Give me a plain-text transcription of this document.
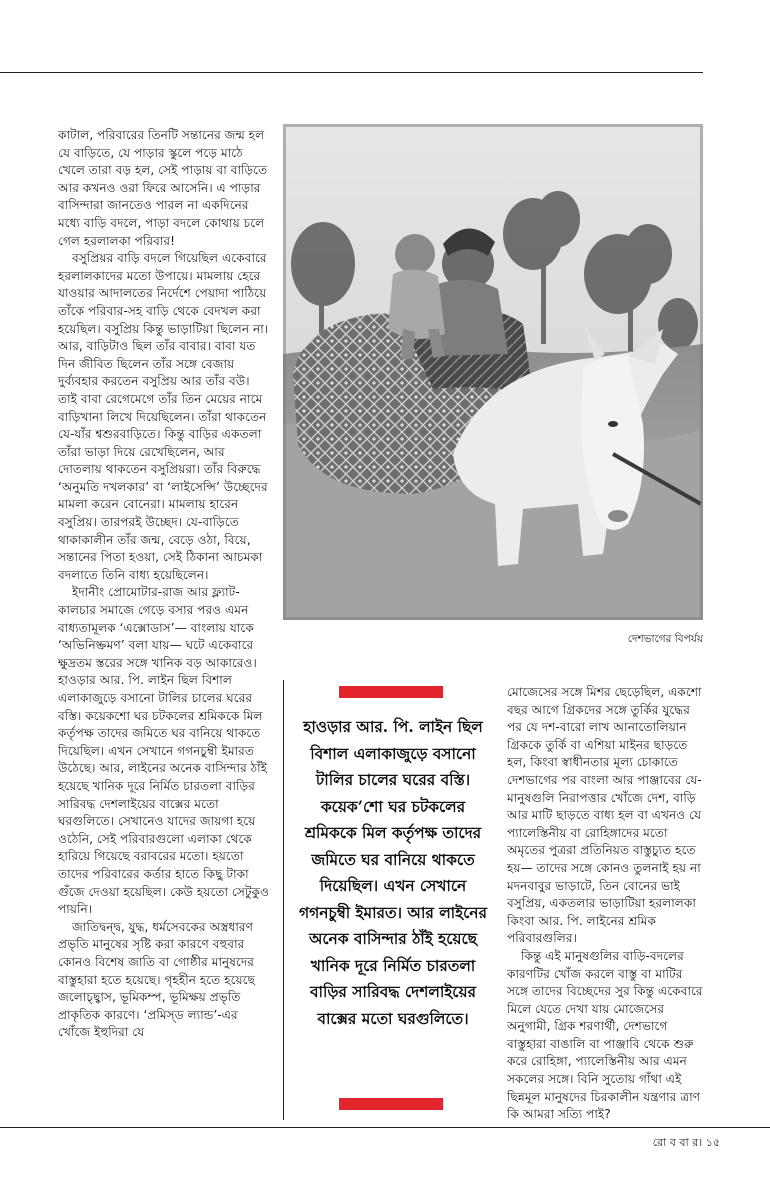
কাটাল, পরিবারের তিনটি সন্তানের জন্ম হল যে বাড়িতে, যে পাড়ার স্কুলে পড়ে মাঠে খেলে তারা বড় হল, সেই পাড়ায় বা বাড়িতে আর কখনও ওরা ফিরে আসেনি। এ পাড়ার বাসিন্দারা জানতেও পারল না একদিনের মধ্যে বাড়ি বদলে, পাড়া বদলে কোথায় চলে গেল হরলালকা পরিবার!

বসুপ্রিয়র বাড়ি বদলে গিয়েছিল একেবারে হরলালকাদের মতো উপায়ে। মামলায় হেরে যাওয়ার আদালতের নির্দেশে পেয়াদা পাঠিয়ে তাঁকে পরিবার-সহ বাড়ি থেকে বেদখল করা হয়েছিল। বসুপ্রিয় কিন্তু ভাড়াটিয়া ছিলেন না। আর, বাড়িটাও ছিল তাঁর বাবার। বাবা যত দিন জীবিত ছিলেন তাঁর সঙ্গে বেজায় দুর্ব্যবহার করতেন বসুপ্রিয় আর তাঁর বউ। তাই বাবা রেগেমেগে তাঁর তিন মেয়ের নামে বাড়িখানা লিখে দিয়েছিলেন। তাঁরা থাকতেন যে-যাঁর শ্বশুরবাড়িতে। কিন্তু বাড়ির একতলা তাঁরা ভাড়া দিয়ে রেখেছিলেন, আর দোতলায় থাকতেন বসুপ্রিয়রা। তাঁর বিরুদ্ধে ‘অনুমতি দখলকার’ বা ‘লাইসেন্সি’ উচ্ছেদের মামলা করেন বোনেরা। মামলায় হারেন বসুপ্রিয়। তারপরই উচ্ছেদ। যে-বাড়িতে থাকাকালীন তাঁর জন্ম, বেড়ে ওঠা, বিয়ে, সন্তানের পিতা হওয়া, সেই ঠিকানা আচমকা বদলাতে তিনি বাধ্য হয়েছিলেন।

ইদানীং প্রোমোটার-রাজ আর ফ্ল্যাট-কালচার সমাজে গেড়ে বসার পরও এমন বাধ্যতামূলক ‘এক্সোডাস’— বাংলায় যাকে ‘অভিনিষ্ক্রমণ’ বলা যায়— ঘটে একেবারে ক্ষুদ্রতম স্তরের সঙ্গে খানিক বড় আকারেও। হাওড়ার আর. পি. লাইন ছিল বিশাল এলাকাজুড়ে বসানো টালির চালের ঘরের বস্তি। কয়েকশো ঘর চটকলের শ্রমিককে মিল কর্তৃপক্ষ তাদের জমিতে ঘর বানিয়ে থাকতে দিয়েছিল। এখন সেখানে গগনচুম্বী ইমারত উঠেছে। আর, লাইনের অনেক বাসিন্দার ঠাঁই হয়েছে খানিক দূরে নির্মিত চারতলা বাড়ির সারিবদ্ধ দেশলাইয়ের বাক্সের মতো ঘরগুলিতে। সেখানেও যাদের জায়গা হয়ে ওঠেনি, সেই পরিবারগুলো এলাকা থেকে হারিয়ে গিয়েছে বরাবরের মতো। হয়তো তাদের পরিবারের কর্তার হাতে কিছু টাকা গুঁজে দেওয়া হয়েছিল। কেউ হয়তো সেটুকুও পায়নি।

জাতিদ্বন্দ্ব, যুদ্ধ, ধর্মসেবকের অস্ত্রধারণ প্রভৃতি মানুষের সৃষ্টি করা কারণে বহুবার কোনও বিশেষ জাতি বা গোষ্ঠীর মানুষদের বাস্তুহারা হতে হয়েছে। গৃহহীন হতে হয়েছে জলোচ্ছ্বাস, ভূমিকম্প, ভূমিক্ষয় প্রভৃতি প্রাকৃতিক কারণে। ‘প্রমিস্‌ড ল্যান্ড’-এর খোঁজে ইহুদিরা যে

দেশভাগের বিপর্যয়
হাওড়ার আর. পি. লাইন ছিল বিশাল এলাকাজুড়ে বসানো টালির চালের ঘরের বস্তি। কয়েক’শো ঘর চটকলের শ্রমিককে মিল কর্তৃপক্ষ তাদের জমিতে ঘর বানিয়ে থাকতে দিয়েছিল। এখন সেখানে গগনচুম্বী ইমারত। আর লাইনের অনেক বাসিন্দার ঠাঁই হয়েছে খানিক দূরে নির্মিত চারতলা বাড়ির সারিবদ্ধ দেশলাইয়ের বাক্সের মতো ঘরগুলিতে।

মোজেসের সঙ্গে মিশর ছেড়েছিল, একশো বছর আগে গ্রিকদের সঙ্গে তুর্কির যুদ্ধের পর যে দশ-বারো লাখ আনাতোলিয়ান গ্রিককে তুর্কি বা এশিয়া মাইনর ছাড়তে হল, কিংবা স্বাধীনতার মূল্য চোকাতে দেশভাগের পর বাংলা আর পাঞ্জাবের যে-মানুষগুলি নিরাপত্তার খোঁজে দেশ, বাড়ি আর মাটি ছাড়তে বাধ্য হল বা এখনও যে প্যালেস্তিনীয় বা রোহিঙ্গাদের মতো অমৃতের পুত্ররা প্রতিনিয়ত বাস্তুচ্যুত হতে হয়— তাদের সঙ্গে কোনও তুলনাই হয় না মদনবাবুর ভাড়াটে, তিন বোনের ভাই বসুপ্রিয়, একতলার ভাড়াটিয়া হরলালকা কিংবা আর. পি. লাইনের শ্রমিক পরিবারগুলির।

কিন্তু এই মানুষগুলির বাড়ি-বদলের কারণটির খোঁজ করলে বাস্তু বা মাটির সঙ্গে তাদের বিচ্ছেদের সুর কিন্তু একেবারে মিলে যেতে দেখা যায় মোজেসের অনুগামী, গ্রিক শরণার্থী, দেশভাগে বাস্তুহারা বাঙালি বা পাঞ্জাবি থেকে শুরু করে রোহিঙ্গা, প্যালেস্তিনীয় আর এমন সকলের সঙ্গে। বিনি সুতোয় গাঁথা এই ছিন্নমূল মানুষদের চিরকালীন যন্ত্রণার ত্রাণ কি আমরা সত্যি পাই?

রো ব বা র। ১৫
